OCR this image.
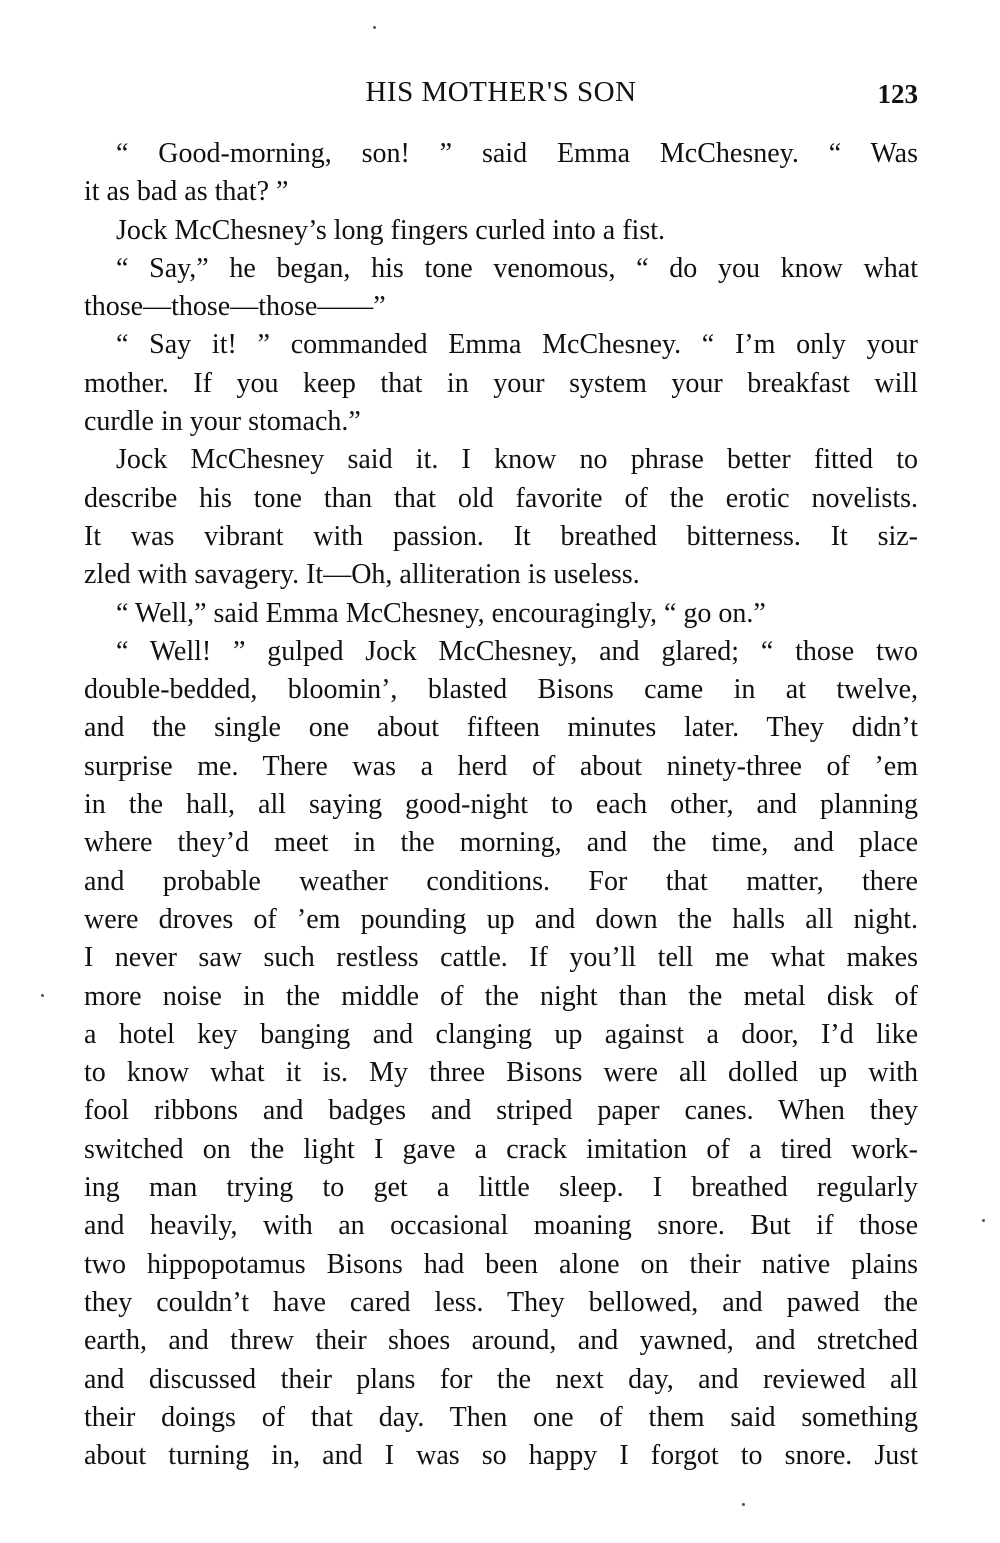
HIS MOTHER'S SON	123
“ Good-morning, son! ” said Emma McChesney. “ Was
it as bad as that? ”
Jock McChesney’s long fingers curled into a fist.
“ Say,” he began, his tone venomous, “ do you know what
those—those—those——”
“ Say it! ” commanded Emma McChesney. “ I’m only your
mother. If you keep that in your system your breakfast will
curdle in your stomach.”
Jock McChesney said it. I know no phrase better fitted to
describe his tone than that old favorite of the erotic novelists.
It was vibrant with passion. It breathed bitterness. It siz-
zled with savagery. It—Oh, alliteration is useless.
“ Well,” said Emma McChesney, encouragingly, “ go on.”
“ Well! ” gulped Jock McChesney, and glared; “ those two
double-bedded, bloomin’, blasted Bisons came in at twelve,
and the single one about fifteen minutes later. They didn’t
surprise me. There was a herd of about ninety-three of ’em
in the hall, all saying good-night to each other, and planning
where they’d meet in the morning, and the time, and place
and probable weather conditions. For that matter, there
were droves of ’em pounding up and down the halls all night.
I never saw such restless cattle. If you’ll tell me what makes
more noise in the middle of the night than the metal disk of
a hotel key banging and clanging up against a door, I’d like
to know what it is. My three Bisons were all dolled up with
fool ribbons and badges and striped paper canes. When they
switched on the light I gave a crack imitation of a tired work-
ing man trying to get a little sleep. I breathed regularly
and heavily, with an occasional moaning snore. But if those
two hippopotamus Bisons had been alone on their native plains
they couldn’t have cared less. They bellowed, and pawed the
earth, and threw their shoes around, and yawned, and stretched
and discussed their plans for the next day, and reviewed all
their doings of that day. Then one of them said something
about turning in, and I was so happy I forgot to snore. Just
